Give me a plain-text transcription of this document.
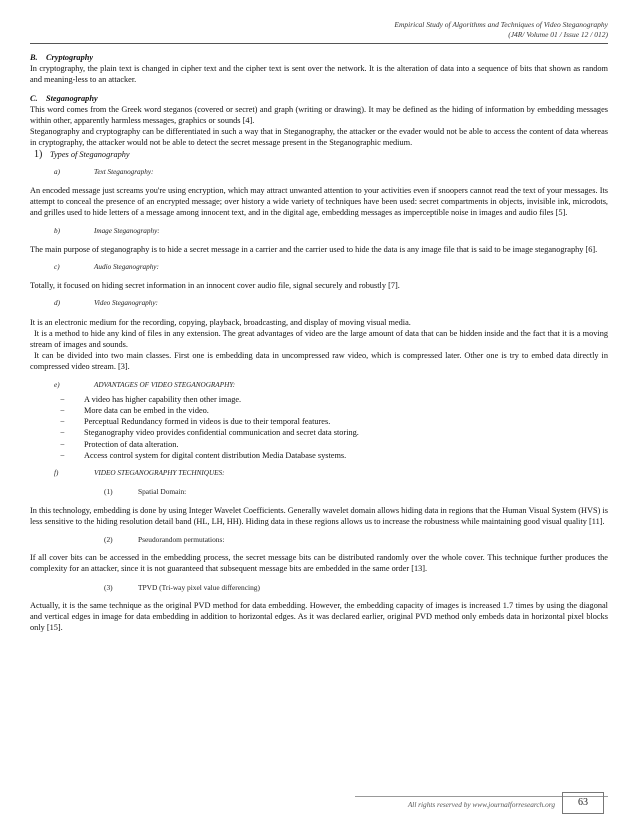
Empirical Study of Algorithms and Techniques of Video Steganography
(J4R/ Volume 01 / Issue 12 / 012)

B. Cryptography

In cryptography, the plain text is changed in cipher text and the cipher text is sent over the network. It is the alteration of data into a sequence of bits that shown as random and meaning-less to an attacker.

C. Steganography

This word comes from the Greek word steganos (covered or secret) and graph (writing or drawing). It may be defined as the hiding of information by embedding messages within other, apparently harmless messages, graphics or sounds [4].

Steganography and cryptography can be differentiated in such a way that in Steganography, the attacker or the evader would not be able to access the content of data whereas in cryptography, the attacker would not be able to detect the secret message present in the Steganographic medium.

1) Types of Steganography

a)	Text Steganography:

An encoded message just screams you're using encryption, which may attract unwanted attention to your activities even if snoopers cannot read the text of your messages. Its attempt to conceal the presence of an encrypted message; over history a wide variety of techniques have been used: secret compartments in objects, invisible ink, microdots, and grilles used to hide letters of a message among innocent text, and in the digital age, embedding messages as imperceptible noise in images and audio files [5].

b)	Image Steganography:

The main purpose of steganography is to hide a secret message in a carrier and the carrier used to hide the data is any image file that is said to be image steganography [6].

c)	Audio Steganography:

Totally, it focused on hiding secret information in an innocent cover audio file, signal securely and robustly [7].

d)	Video Steganography:

It is an electronic medium for the recording, copying, playback, broadcasting, and display of moving visual media.

It is a method to hide any kind of files in any extension. The great advantages of video are the large amount of data that can be hidden inside and the fact that it is a moving stream of images and sounds.

It can be divided into two main classes. First one is embedding data in uncompressed raw video, which is compressed later. Other one is try to embed data directly in compressed video stream. [3].

e)	ADVANTAGES OF VIDEO STEGANOGRAPHY:

− A video has higher capability then other image.
− More data can be embed in the video.
− Perceptual Redundancy formed in videos is due to their temporal features.
− Steganography video provides confidential communication and secret data storing.
− Protection of data alteration.
− Access control system for digital content distribution Media Database systems.

f)	VIDEO STEGANOGRAPHY TECHNIQUES:

(1)	Spatial Domain:

In this technology, embedding is done by using Integer Wavelet Coefficients. Generally wavelet domain allows hiding data in regions that the Human Visual System (HVS) is less sensitive to the hiding resolution detail band (HL, LH, HH). Hiding data in these regions allows us to increase the robustness while maintaining good visual quality [11].

(2)	Pseudorandom permutations:

If all cover bits can be accessed in the embedding process, the secret message bits can be distributed randomly over the whole cover. This technique further produces the complexity for an attacker, since it is not guaranteed that subsequent message bits are embedded in the same order [13].

(3)	TPVD (Tri-way pixel value differencing)

Actually, it is the same technique as the original PVD method for data embedding. However, the embedding capacity of images is increased 1.7 times by using the diagonal and vertical edges in image for data embedding in addition to horizontal edges. As it was declared earlier, original PVD method only embeds data in horizontal pixel blocks only [15].

All rights reserved by www.journalforresearch.org	63
